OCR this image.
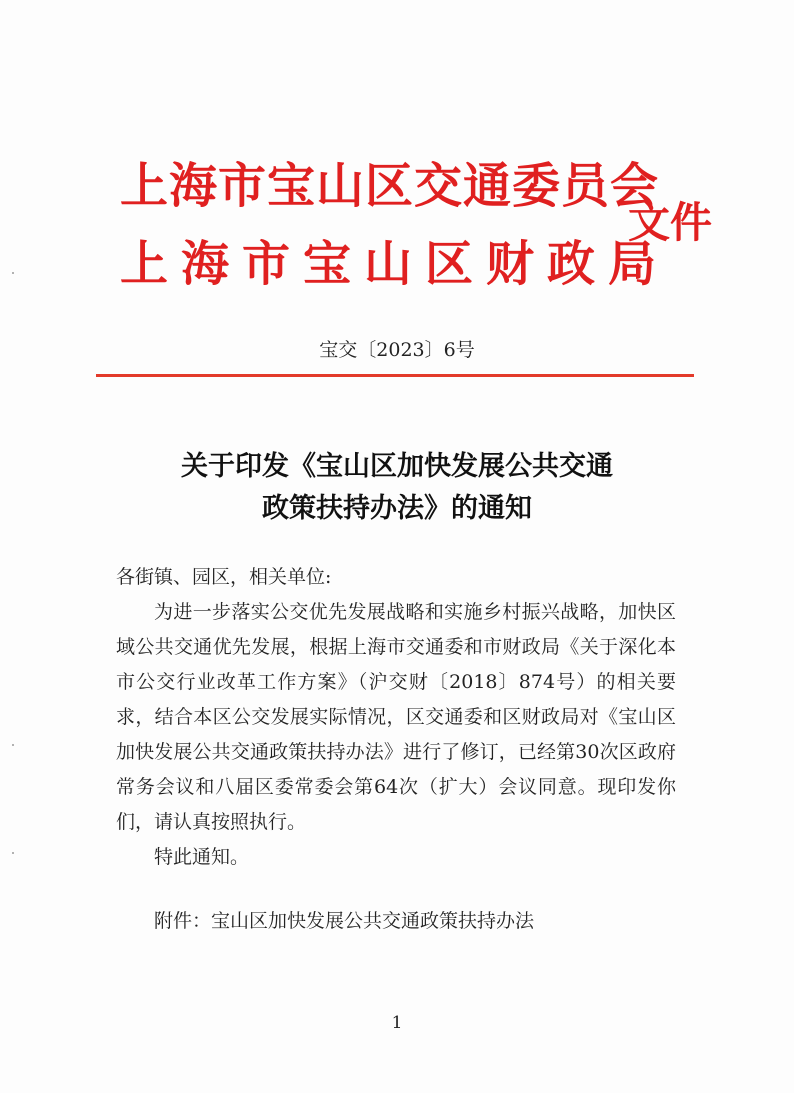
上海市宝山区交通委员会
上海市宝山区财政局
文件
宝交〔2023〕6号
关于印发《宝山区加快发展公共交通
政策扶持办法》的通知
各街镇、园区，相关单位:

为进一步落实公交优先发展战略和实施乡村振兴战略，加快区域公共交通优先发展，根据上海市交通委和市财政局《关于深化本市公交行业改革工作方案》（沪交财〔2018〕874号）的相关要求，结合本区公交发展实际情况，区交通委和区财政局对《宝山区加快发展公共交通政策扶持办法》进行了修订，已经第30次区政府常务会议和八届区委常委会第64次（扩大）会议同意。现印发你们，请认真按照执行。

特此通知。

附件：宝山区加快发展公共交通政策扶持办法

1
